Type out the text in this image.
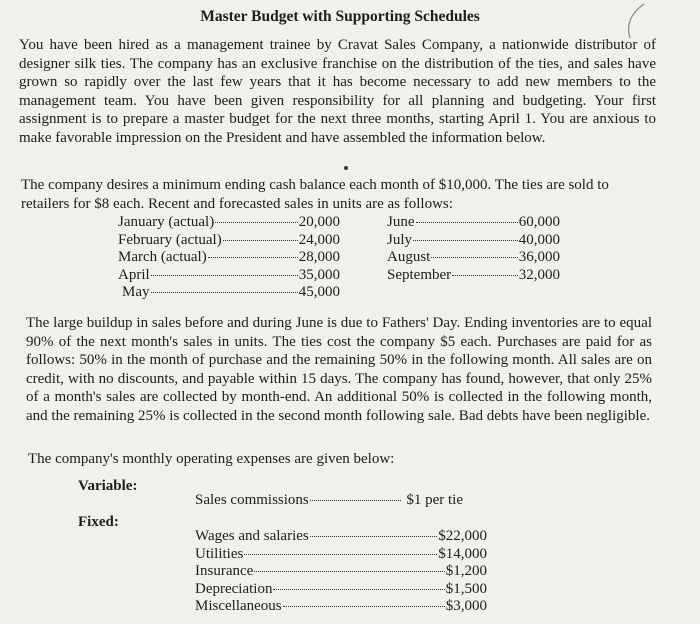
Master Budget with Supporting Schedules
You have been hired as a management trainee by Cravat Sales Company, a nationwide distributor of designer silk ties. The company has an exclusive franchise on the distribution of the ties, and sales have grown so rapidly over the last few years that it has become necessary to add new members to the management team. You have been given responsibility for all planning and budgeting. Your first assignment is to prepare a master budget for the next three months, starting April 1. You are anxious to make favorable impression on the President and have assembled the information below.
The company desires a minimum ending cash balance each month of $10,000. The ties are sold to retailers for $8 each. Recent and forecasted sales in units are as follows:
January (actual)	20,000
February (actual)	24,000
March (actual)	28,000
April	35,000
May	45,000
June	60,000
July	40,000
August	36,000
September	32,000
The large buildup in sales before and during June is due to Fathers' Day. Ending inventories are to equal 90% of the next month's sales in units. The ties cost the company $5 each. Purchases are paid for as follows: 50% in the month of purchase and the remaining 50% in the following month. All sales are on credit, with no discounts, and payable within 15 days. The company has found, however, that only 25% of a month's sales are collected by month-end. An additional 50% is collected in the following month, and the remaining 25% is collected in the second month following sale. Bad debts have been negligible.
The company's monthly operating expenses are given below:
Variable:
Sales commissions	$1 per tie
Fixed:
Wages and salaries	$22,000
Utilities	$14,000
Insurance	$1,200
Depreciation	$1,500
Miscellaneous	$3,000
